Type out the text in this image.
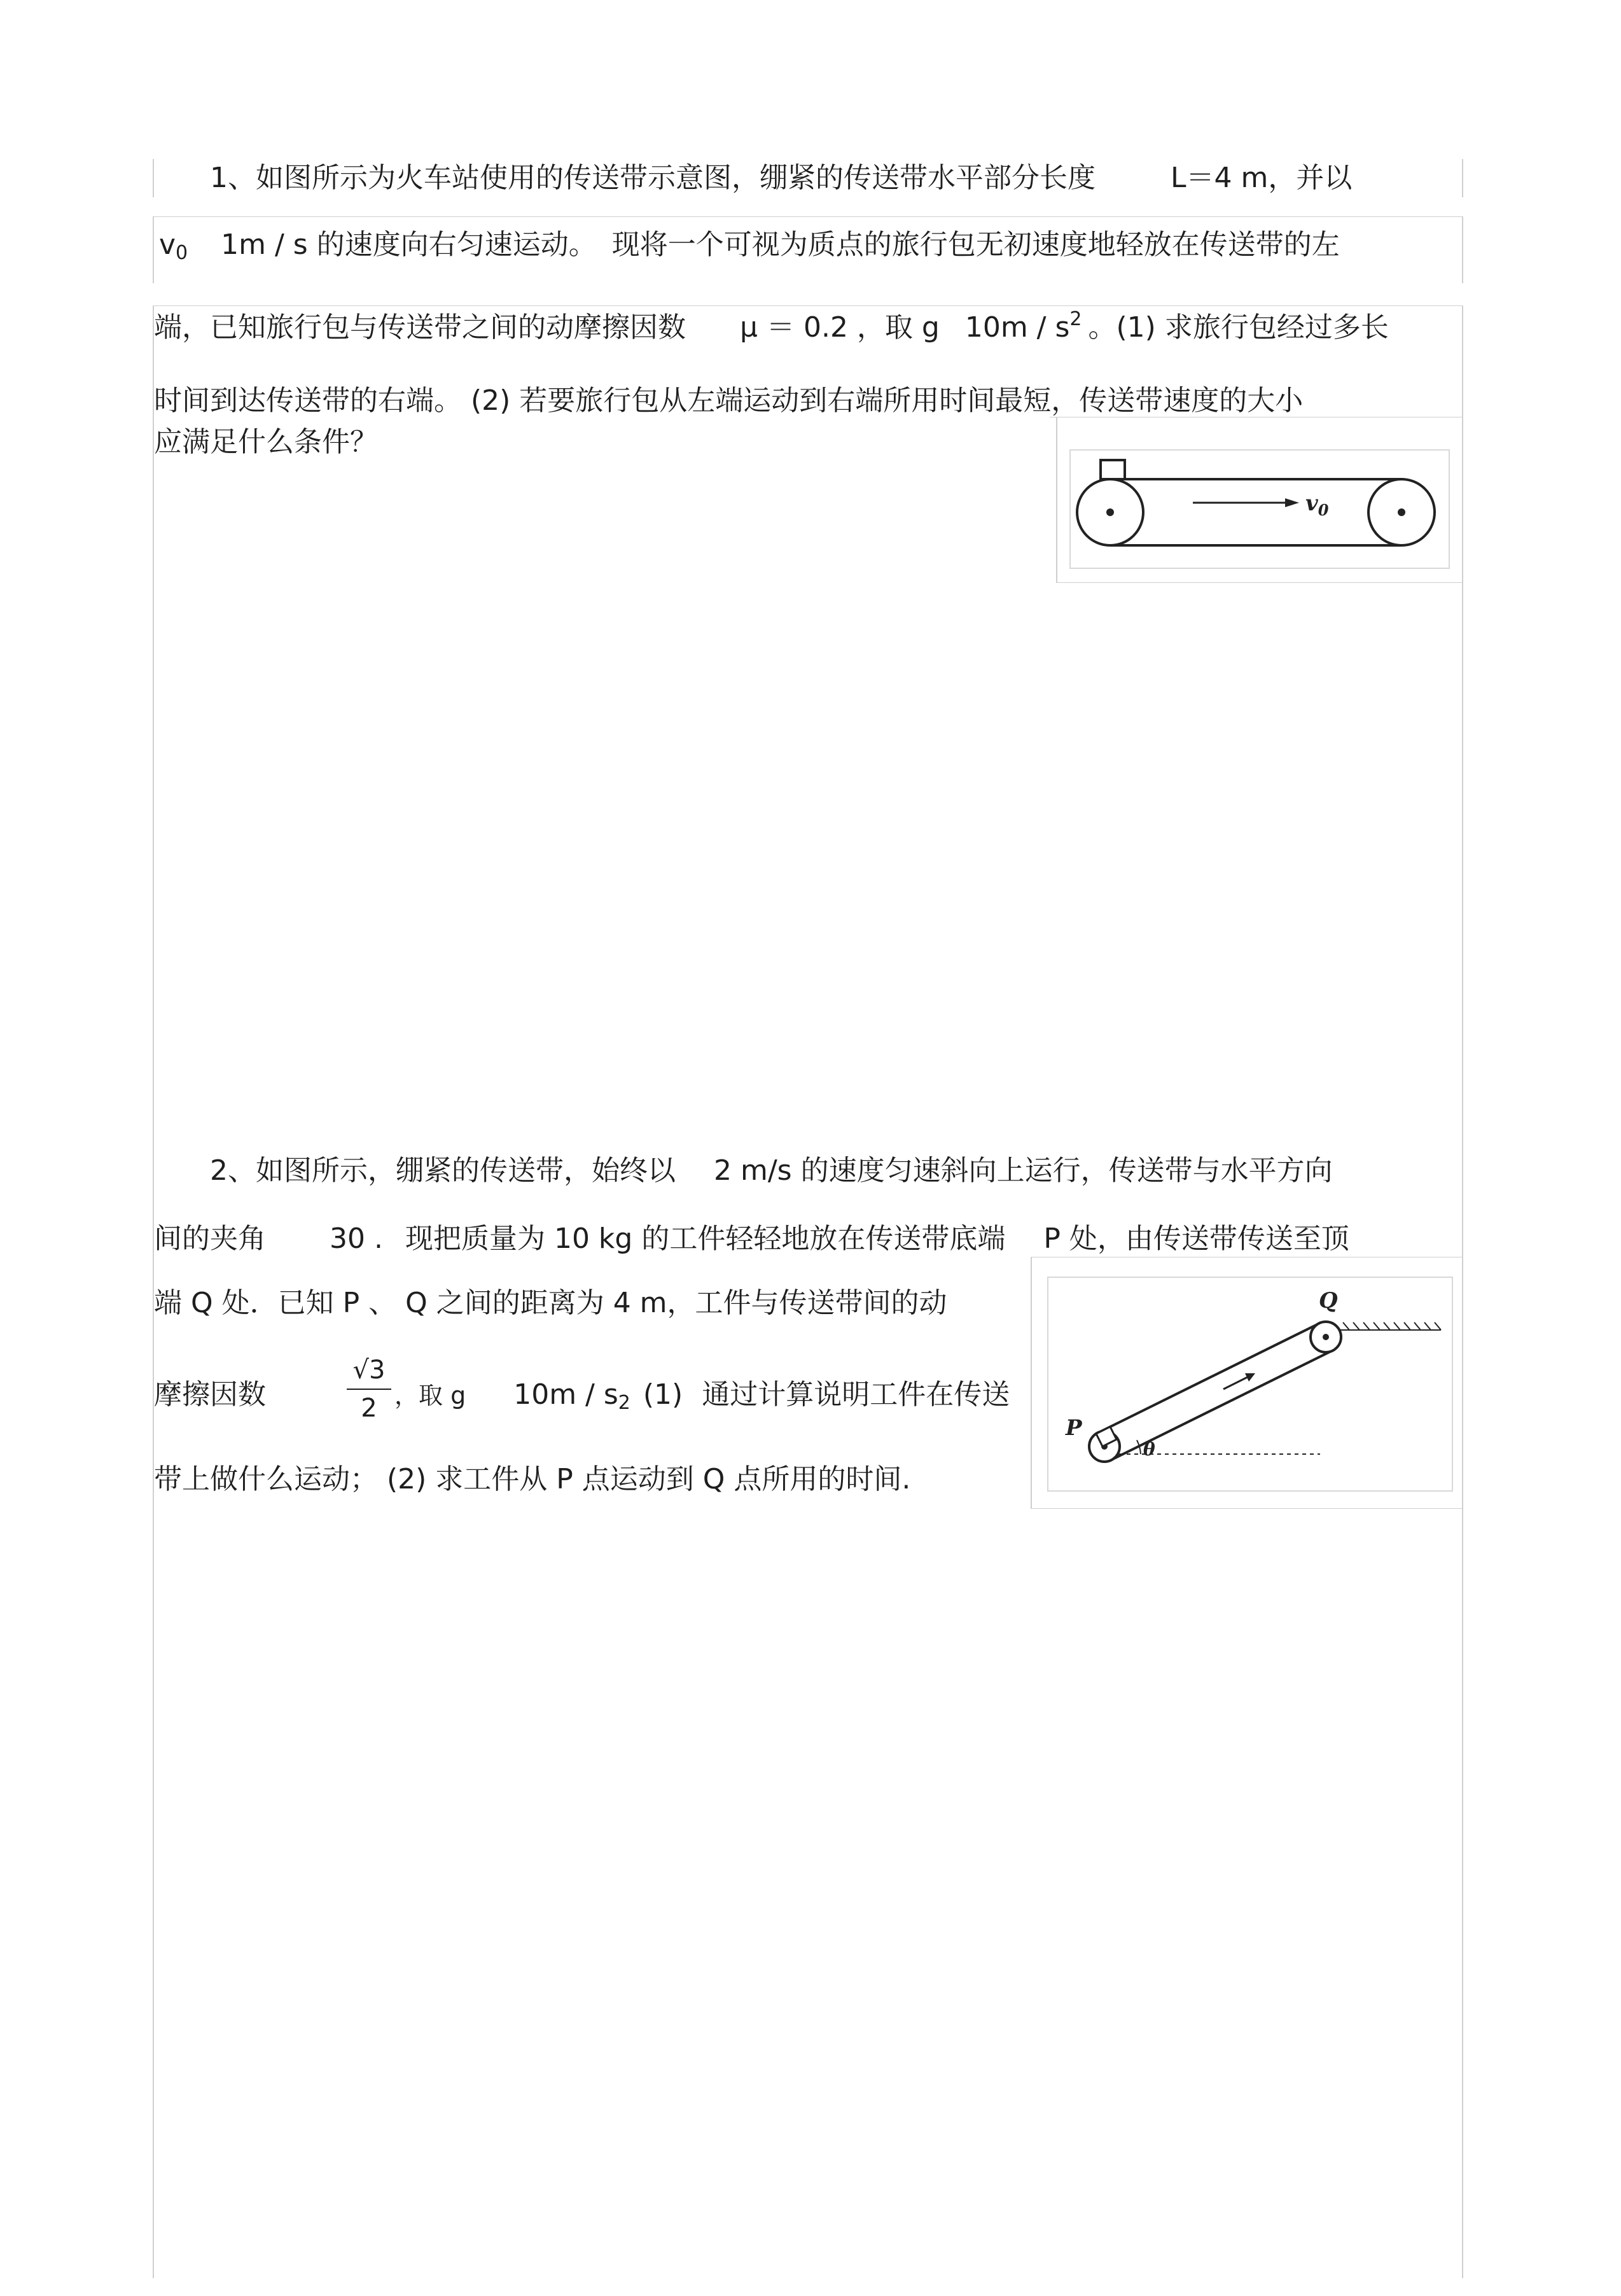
1、如图所示为火车站使用的传送带示意图，绷紧的传送带水平部分长度	L＝4 m，并以
$v_0$ 1m / s 的速度向右匀速运动。 现将一个可视为质点的旅行包无初速度地轻放在传送带的左
端，已知旅行包与传送带之间的动摩擦因数 μ ＝ 0.2 ，取 g $10m / s^2$ 。(1) 求旅行包经过多长
时间到达传送带的右端。 (2) 若要旅行包从左端运动到右端所用时间最短，传送带速度的大小
应满足什么条件？
$v_0$
2、如图所示，绷紧的传送带，始终以 2 m/s 的速度匀速斜向上运行，传送带与水平方向
间的夹角 30 . 现把质量为 10 kg 的工件轻轻地放在传送带底端 P 处，由传送带传送至顶
端 Q 处．已知 P 、 Q 之间的距离为 4 m，工件与传送带间的动
摩擦因数
√3
2 ，取 g $10m / s_2$ (1) 通过计算说明工件在传送
带上做什么运动； (2) 求工件从 P 点运动到 Q 点所用的时间.
P
Q
θ
